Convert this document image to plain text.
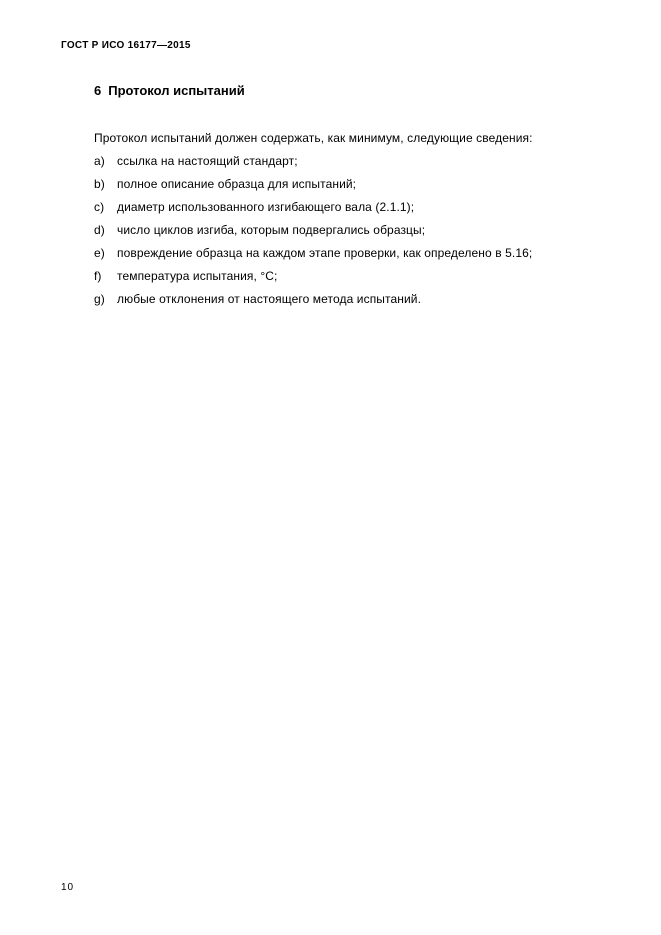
ГОСТ Р ИСО 16177—2015
6 Протокол испытаний
Протокол испытаний должен содержать, как минимум, следующие сведения:
a) ссылка на настоящий стандарт;
b) полное описание образца для испытаний;
c) диаметр использованного изгибающего вала (2.1.1);
d) число циклов изгиба, которым подвергались образцы;
e) повреждение образца на каждом этапе проверки, как определено в 5.16;
f) температура испытания, °C;
g) любые отклонения от настоящего метода испытаний.
10
